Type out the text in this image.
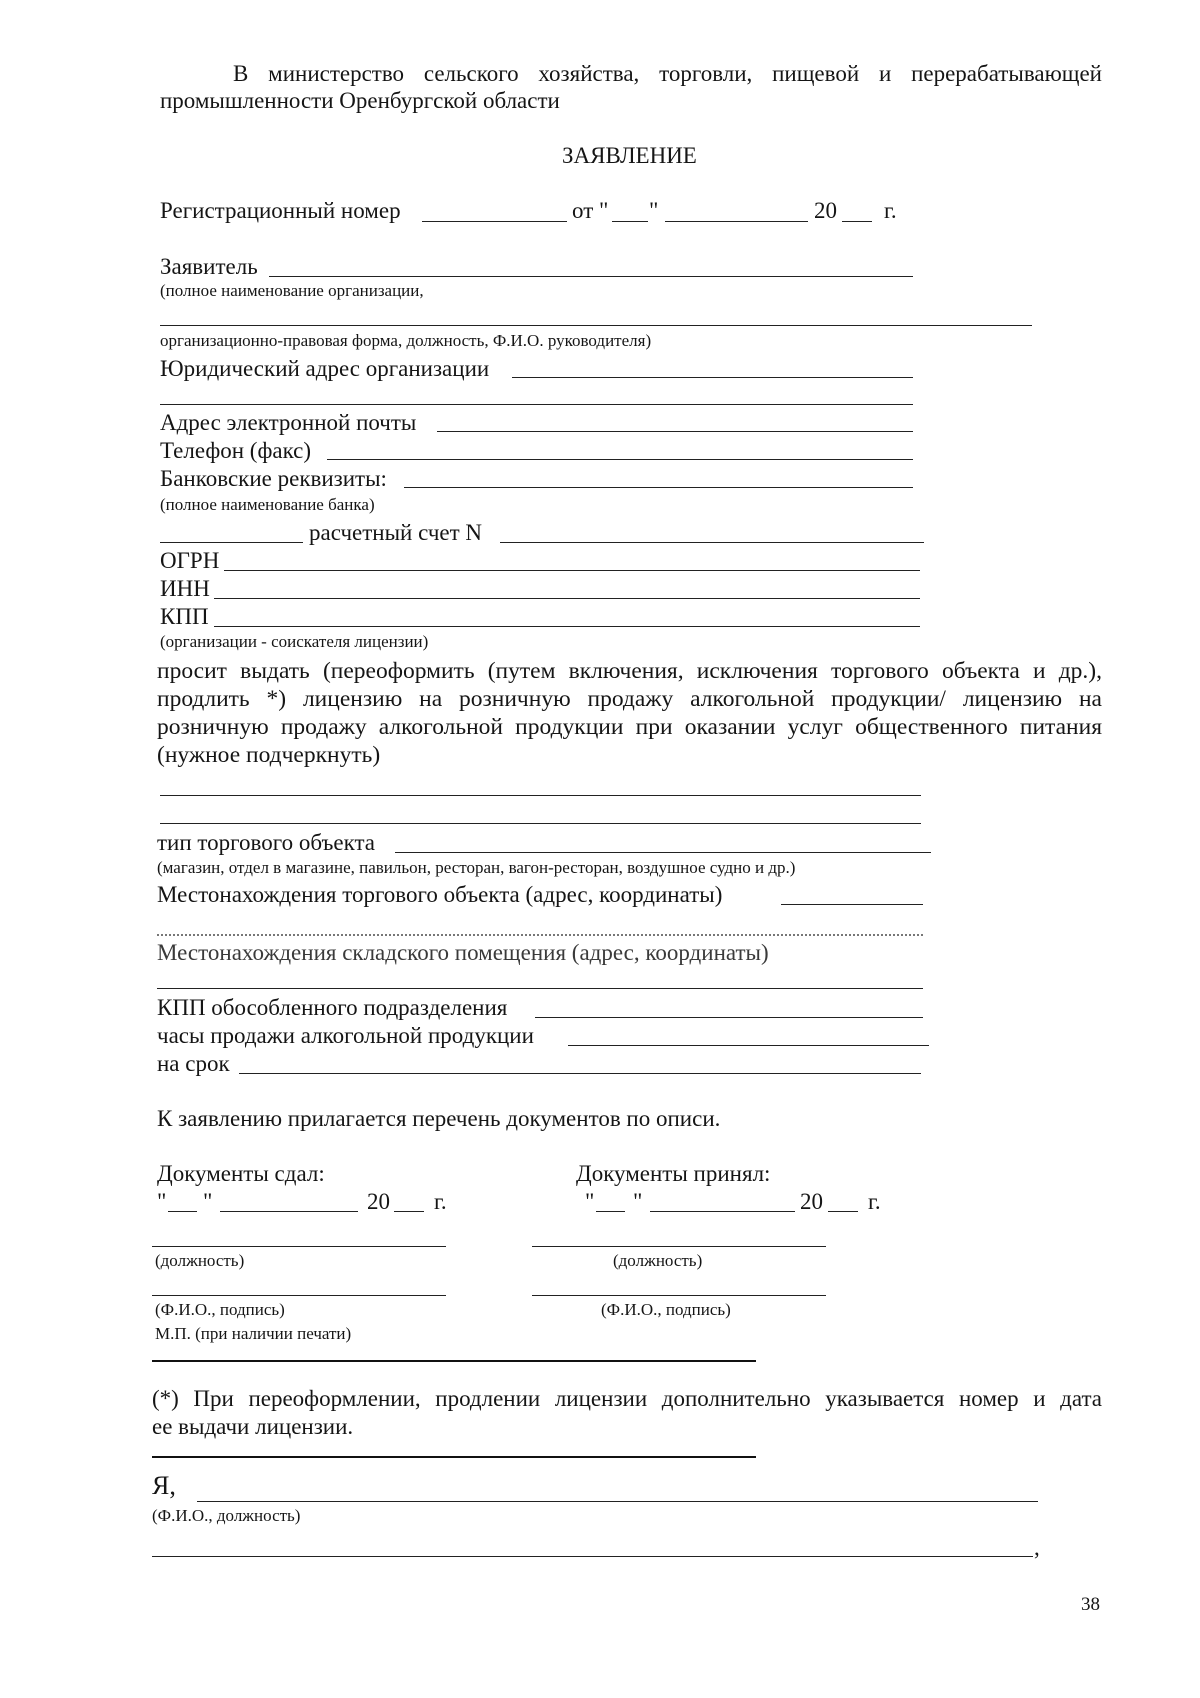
В министерство сельского хозяйства, торговли, пищевой и перерабатывающей
промышленности Оренбургской области
ЗАЯВЛЕНИЕ
Регистрационный номер	от " "	20 г.
Заявитель
(полное наименование организации,
организационно-правовая форма, должность, Ф.И.О. руководителя)
Юридический адрес организации
Адрес электронной почты
Телефон (факс)
Банковские реквизиты:
(полное наименование банка)
расчетный счет N
ОГРН
ИНН
КПП
(организации - соискателя лицензии)
просит выдать (переоформить (путем включения, исключения торгового объекта и др.),
продлить *) лицензию на розничную продажу алкогольной продукции/ лицензию на
розничную продажу алкогольной продукции при оказании услуг общественного питания
(нужное подчеркнуть)
тип торгового объекта
(магазин, отдел в магазине, павильон, ресторан, вагон-ресторан, воздушное судно и др.)
Местонахождения торгового объекта (адрес, координаты)
Местонахождения складского помещения (адрес, координаты)
КПП обособленного подразделения
часы продажи алкогольной продукции
на срок
К заявлению прилагается перечень документов по описи.
Документы сдал:	Документы принял:
" "	20 г.	" "	20 г.
(должность)	(должность)
(Ф.И.О., подпись)	(Ф.И.О., подпись)
М.П. (при наличии печати)
(*) При переоформлении, продлении лицензии дополнительно указывается номер и дата
ее выдачи лицензии.
Я,
(Ф.И.О., должность)
,
38
